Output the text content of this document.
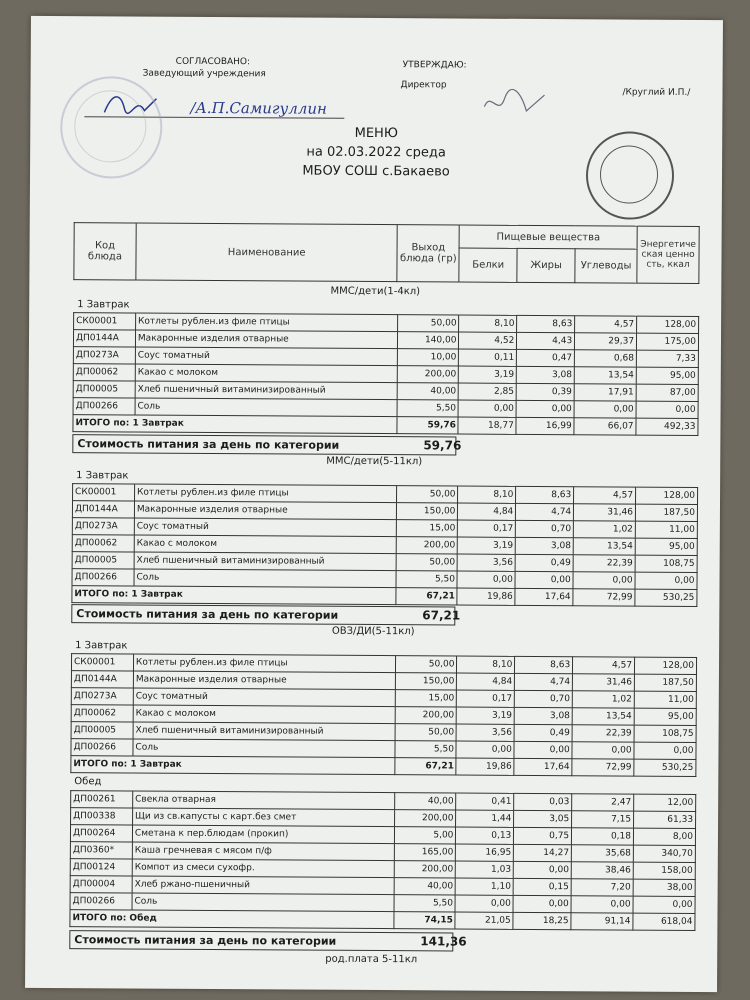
СОГЛАСОВАНО:
Заведующий учреждения
УТВЕРЖДАЮ:
Директор
/Круглий И.П./
/А.П.Самигуллин
МЕНЮ
на 02.03.2022 среда
МБОУ СОШ с.Бакаево
Код блюда	Наименование	Выход блюда (гр)	Пищевые вещества			Энергетическая ценность, ккал
			Белки	Жиры	Углеводы	
ММС/дети(1-4кл)
1 Завтрак
СК00001	Котлеты рублен.из филе птицы	50,00	8,10	8,63	4,57	128,00
ДП0144А	Макаронные изделия отварные	140,00	4,52	4,43	29,37	175,00
ДП0273А	Соус томатный	10,00	0,11	0,47	0,68	7,33
ДП00062	Какао с молоком	200,00	3,19	3,08	13,54	95,00
ДП00005	Хлеб пшеничный витаминизированный	40,00	2,85	0,39	17,91	87,00
ДП00266	Соль	5,50	0,00	0,00	0,00	0,00
ИТОГО по: 1 Завтрак		59,76	18,77	16,99	66,07	492,33
Стоимость питания за день по категории	59,76
ММС/дети(5-11кл)
1 Завтрак
СК00001	Котлеты рублен.из филе птицы	50,00	8,10	8,63	4,57	128,00
ДП0144А	Макаронные изделия отварные	150,00	4,84	4,74	31,46	187,50
ДП0273А	Соус томатный	15,00	0,17	0,70	1,02	11,00
ДП00062	Какао с молоком	200,00	3,19	3,08	13,54	95,00
ДП00005	Хлеб пшеничный витаминизированный	50,00	3,56	0,49	22,39	108,75
ДП00266	Соль	5,50	0,00	0,00	0,00	0,00
ИТОГО по: 1 Завтрак		67,21	19,86	17,64	72,99	530,25
Стоимость питания за день по категории	67,21
ОВЗ/ДИ(5-11кл)
1 Завтрак
СК00001	Котлеты рублен.из филе птицы	50,00	8,10	8,63	4,57	128,00
ДП0144А	Макаронные изделия отварные	150,00	4,84	4,74	31,46	187,50
ДП0273А	Соус томатный	15,00	0,17	0,70	1,02	11,00
ДП00062	Какао с молоком	200,00	3,19	3,08	13,54	95,00
ДП00005	Хлеб пшеничный витаминизированный	50,00	3,56	0,49	22,39	108,75
ДП00266	Соль	5,50	0,00	0,00	0,00	0,00
ИТОГО по: 1 Завтрак		67,21	19,86	17,64	72,99	530,25
Обед
ДП00261	Свекла отварная	40,00	0,41	0,03	2,47	12,00
ДП00338	Щи из св.капусты с карт.без смет	200,00	1,44	3,05	7,15	61,33
ДП00264	Сметана к пер.блюдам (прокип)	5,00	0,13	0,75	0,18	8,00
ДП0360*	Каша гречневая с мясом п/ф	165,00	16,95	14,27	35,68	340,70
ДП00124	Компот из смеси сухофр.	200,00	1,03	0,00	38,46	158,00
ДП00004	Хлеб ржано-пшеничный	40,00	1,10	0,15	7,20	38,00
ДП00266	Соль	5,50	0,00	0,00	0,00	0,00
ИТОГО по: Обед		74,15	21,05	18,25	91,14	618,04
Стоимость питания за день по категории	141,36
род.плата 5-11кл
